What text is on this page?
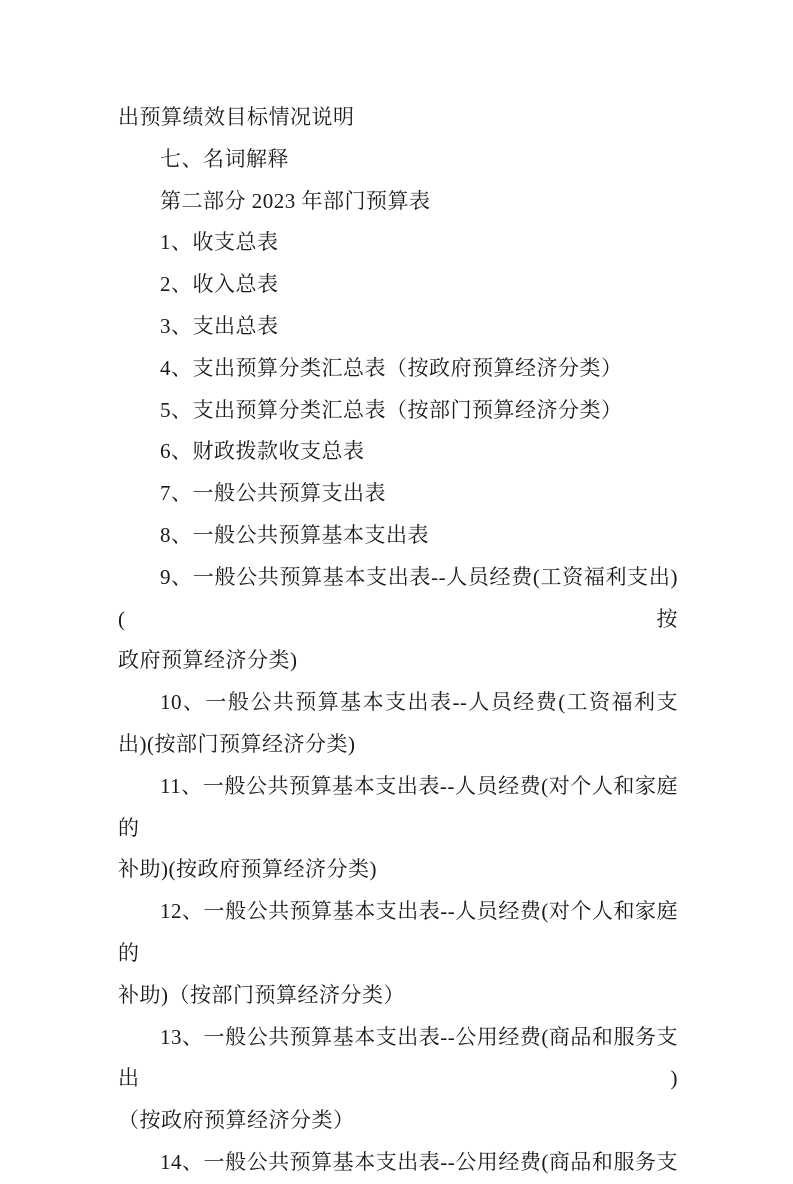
出预算绩效目标情况说明
七、名词解释
第二部分 2023 年部门预算表
1、收支总表
2、收入总表
3、支出总表
4、支出预算分类汇总表（按政府预算经济分类）
5、支出预算分类汇总表（按部门预算经济分类）
6、财政拨款收支总表
7、一般公共预算支出表
8、一般公共预算基本支出表
9、一般公共预算基本支出表--人员经费(工资福利支出)(按
政府预算经济分类)
10、一般公共预算基本支出表--人员经费(工资福利支
出)(按部门预算经济分类)
11、一般公共预算基本支出表--人员经费(对个人和家庭的
补助)(按政府预算经济分类)
12、一般公共预算基本支出表--人员经费(对个人和家庭的
补助)（按部门预算经济分类）
13、一般公共预算基本支出表--公用经费(商品和服务支出)
（按政府预算经济分类）
14、一般公共预算基本支出表--公用经费(商品和服务支
